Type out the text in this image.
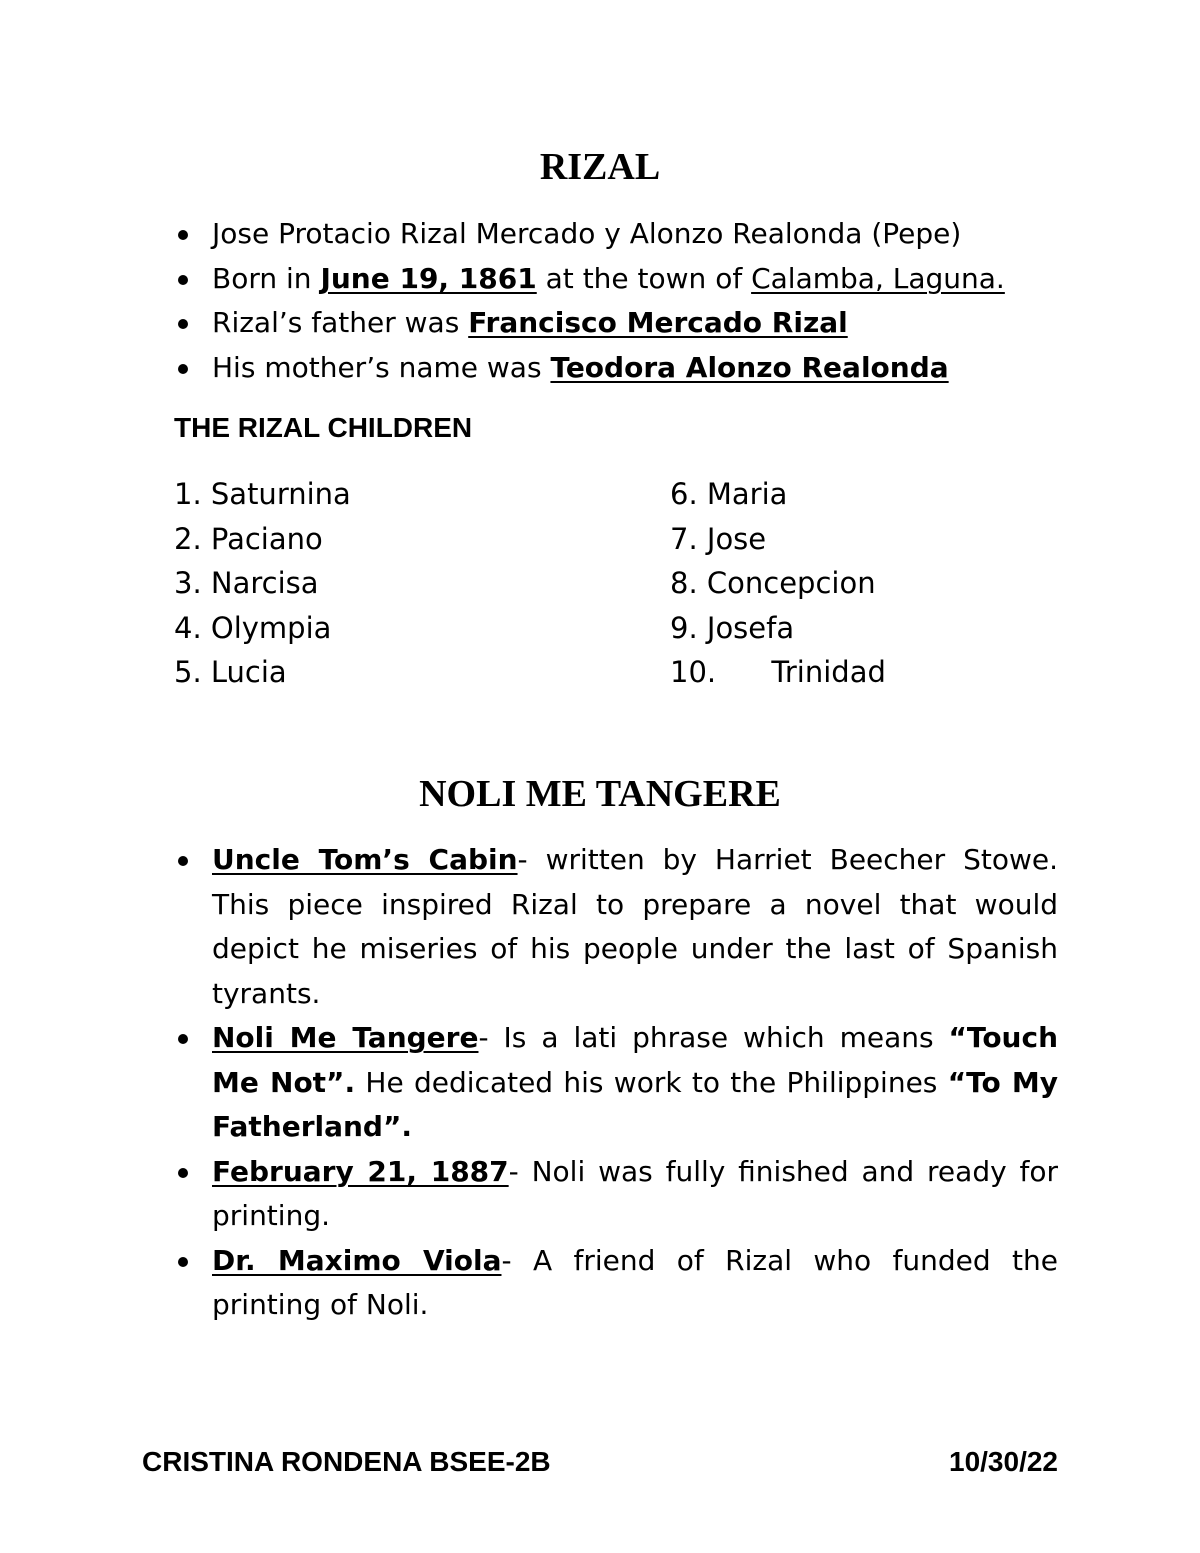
RIZAL
Jose Protacio Rizal Mercado y Alonzo Realonda (Pepe)
Born in June 19, 1861 at the town of Calamba, Laguna.
Rizal’s father was Francisco Mercado Rizal
His mother’s name was Teodora Alonzo Realonda
THE RIZAL CHILDREN
1. Saturnina
2. Paciano
3. Narcisa
4. Olympia
5. Lucia
6. Maria
7. Jose
8. Concepcion
9. Josefa
10.      Trinidad
NOLI ME TANGERE
Uncle Tom’s Cabin- written by Harriet Beecher Stowe. This piece inspired Rizal to prepare a novel that would depict he miseries of his people under the last of Spanish tyrants.
Noli Me Tangere- Is a lati phrase which means “Touch Me Not”. He dedicated his work to the Philippines “To My Fatherland”.
February 21, 1887- Noli was fully finished and ready for printing.
Dr. Maximo Viola- A friend of Rizal who funded the printing of Noli.
CRISTINA RONDENA BSEE-2B	10/30/22
